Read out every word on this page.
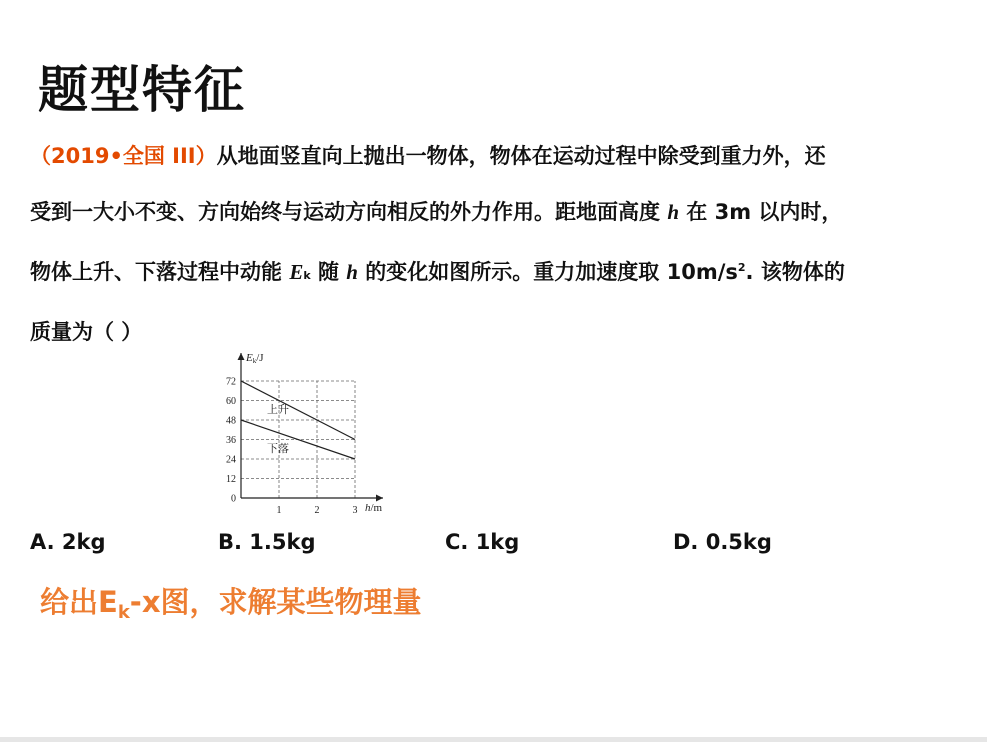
题型特征

（2019•全国 III）从地面竖直向上抛出一物体，物体在运动过程中除受到重力外，还

受到一大小不变、方向始终与运动方向相反的外力作用。距地面高度 h 在 3m 以内时，

物体上升、下落过程中动能 Ek 随 h 的变化如图所示。重力加速度取 $10m/s^2$. 该物体的

质量为（ ）

0
12
24
36
48
60
72
1	2	3
Ek/J
h/m
上升
下落
A. 2kg	B. 1.5kg	C. 1kg	D. 0.5kg
给出$E_k-x$图，求解某些物理量
